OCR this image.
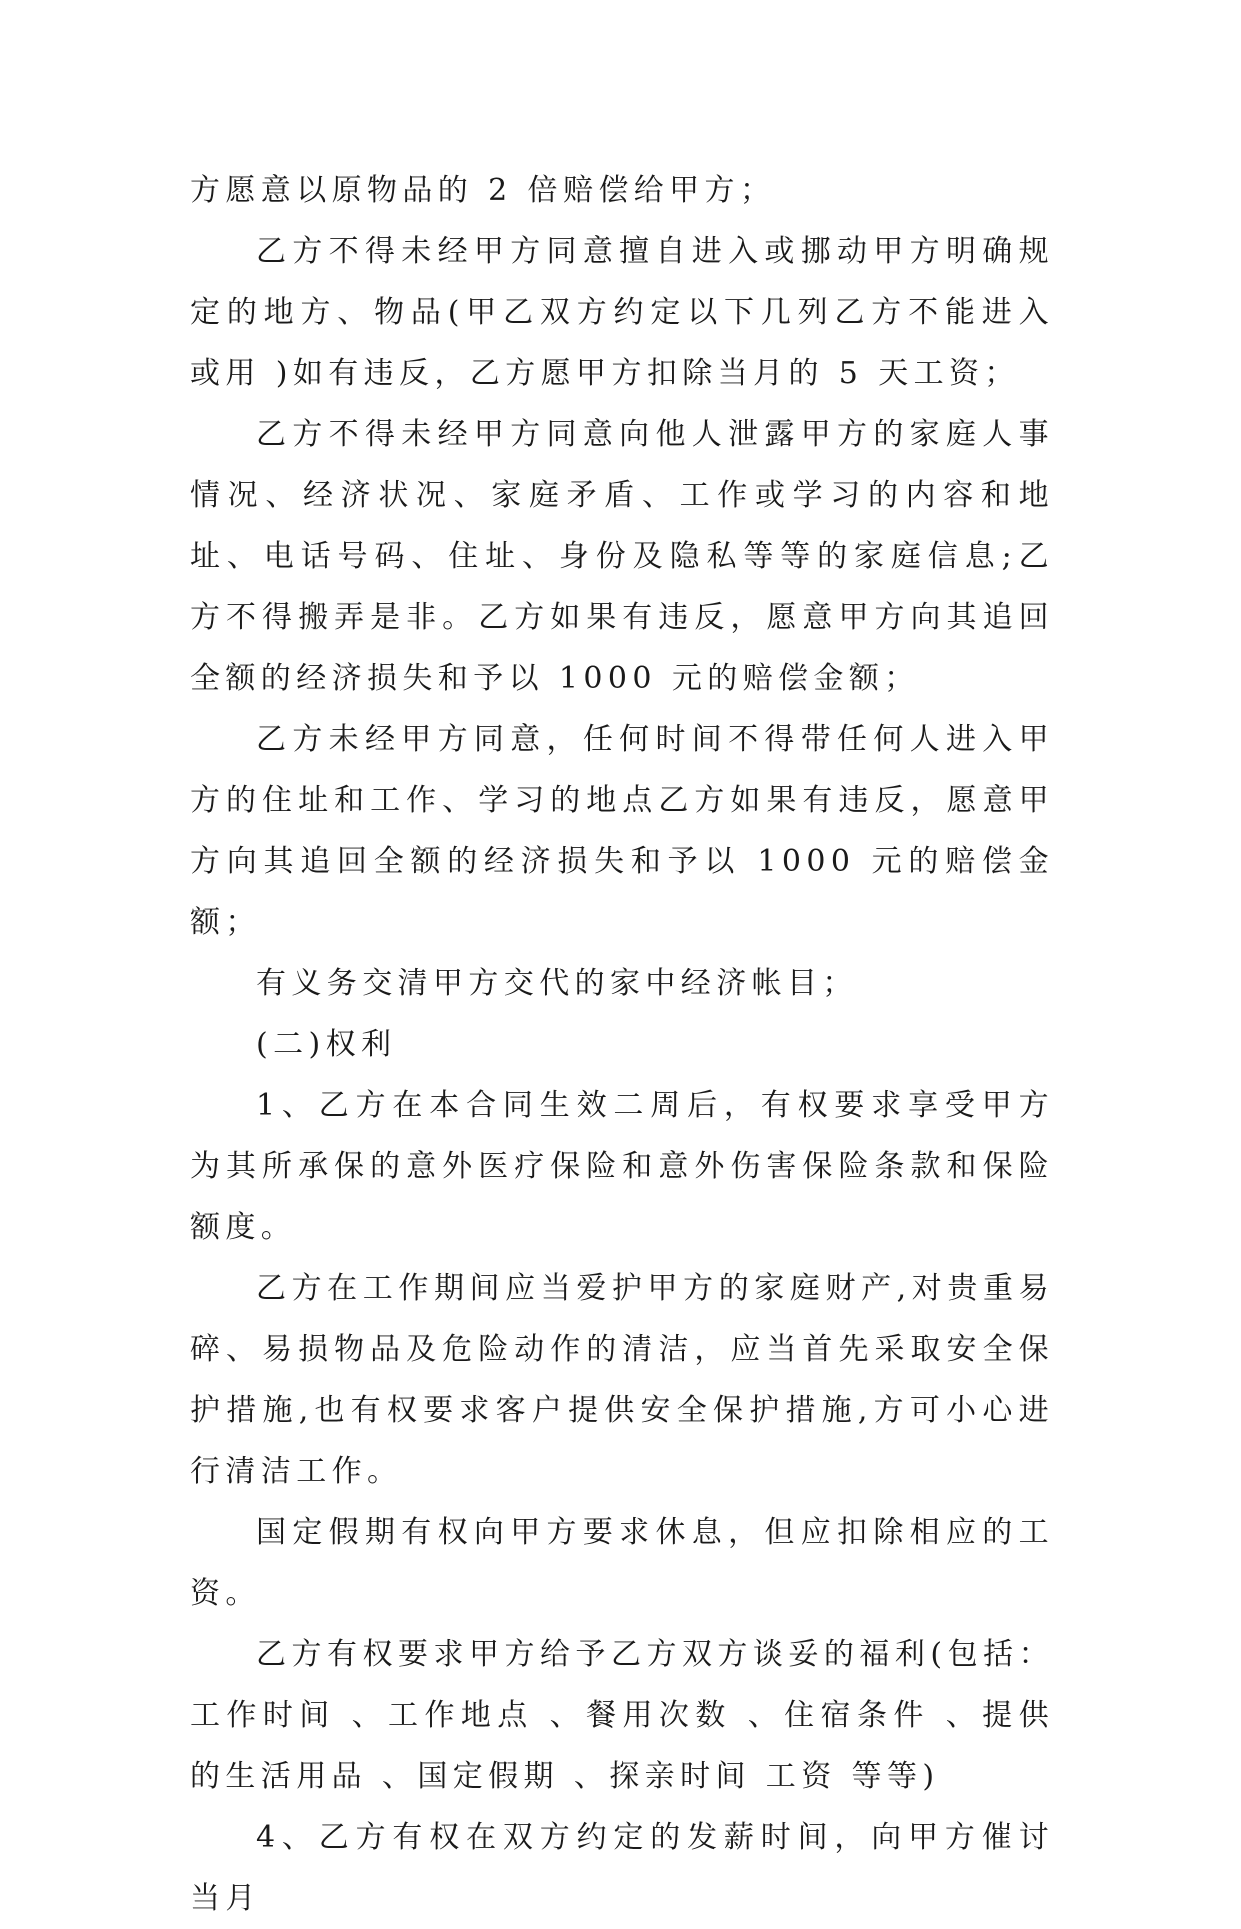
方愿意以原物品的 2 倍赔偿给甲方；

乙方不得未经甲方同意擅自进入或挪动甲方明确规定的地方、物品(甲乙双方约定以下几列乙方不能进入或用 )如有违反，乙方愿甲方扣除当月的 5 天工资；

乙方不得未经甲方同意向他人泄露甲方的家庭人事情况、经济状况、家庭矛盾、工作或学习的内容和地址、电话号码、住址、身份及隐私等等的家庭信息;乙方不得搬弄是非。乙方如果有违反，愿意甲方向其追回全额的经济损失和予以 1000 元的赔偿金额；

乙方未经甲方同意，任何时间不得带任何人进入甲方的住址和工作、学习的地点乙方如果有违反，愿意甲方向其追回全额的经济损失和予以 1000 元的赔偿金额；

有义务交清甲方交代的家中经济帐目；

(二)权利

1、乙方在本合同生效二周后，有权要求享受甲方为其所承保的意外医疗保险和意外伤害保险条款和保险额度。

乙方在工作期间应当爱护甲方的家庭财产,对贵重易碎、易损物品及危险动作的清洁，应当首先采取安全保护措施,也有权要求客户提供安全保护措施,方可小心进行清洁工作。

国定假期有权向甲方要求休息，但应扣除相应的工资。

乙方有权要求甲方给予乙方双方谈妥的福利(包括：工作时间 、工作地点 、餐用次数 、住宿条件 、提供的生活用品 、国定假期 、探亲时间 工资 等等)

4、乙方有权在双方约定的发薪时间，向甲方催讨当月
